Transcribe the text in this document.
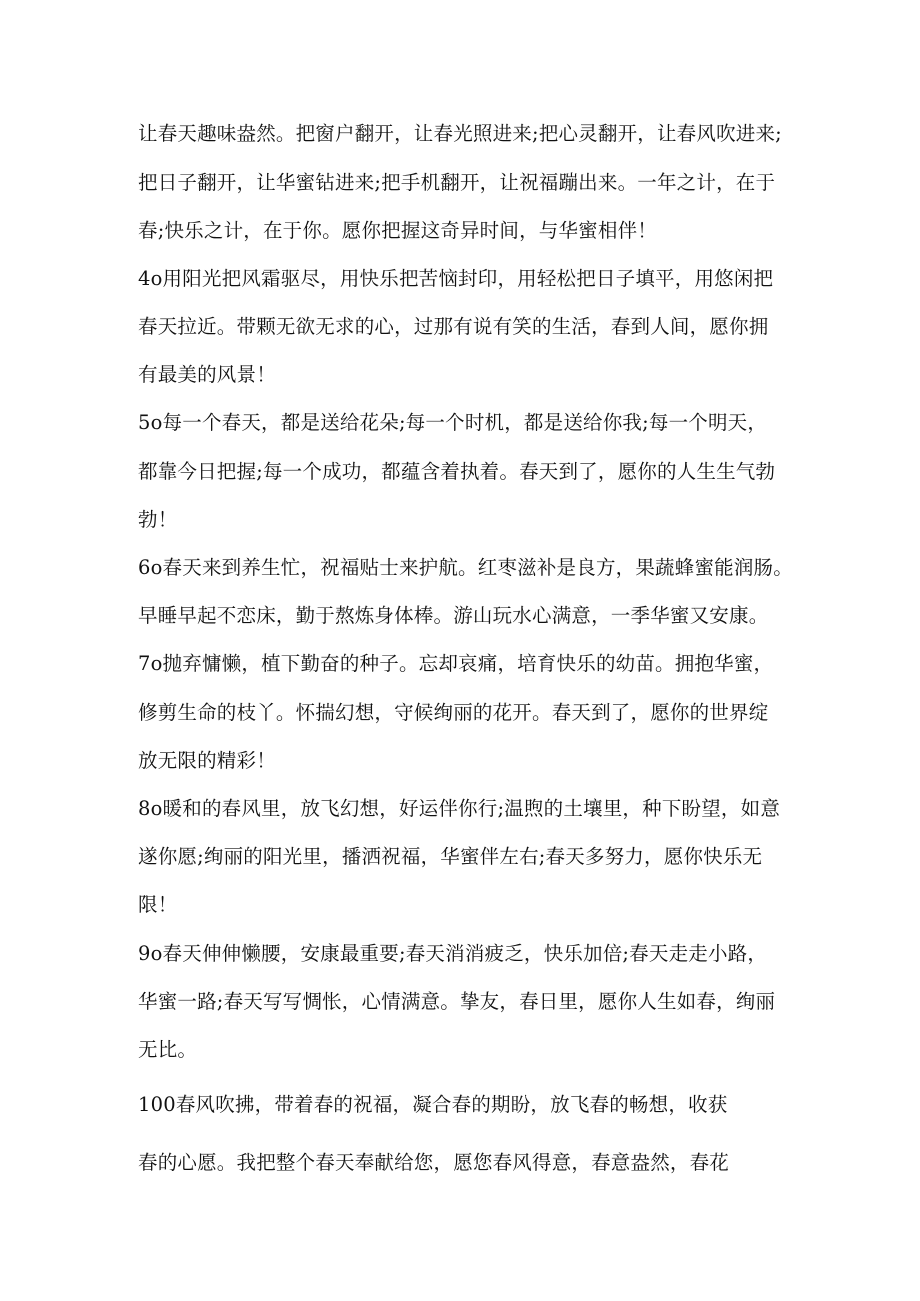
让春天趣味盎然。把窗户翻开，让春光照进来;把心灵翻开，让春风吹进来;

把日子翻开，让华蜜钻进来;把手机翻开，让祝福蹦出来。一年之计，在于

春;快乐之计，在于你。愿你把握这奇异时间，与华蜜相伴！

4o用阳光把风霜驱尽，用快乐把苦恼封印，用轻松把日子填平，用悠闲把

春天拉近。带颗无欲无求的心，过那有说有笑的生活，春到人间，愿你拥

有最美的风景！

5o每一个春天，都是送给花朵;每一个时机，都是送给你我;每一个明天，

都靠今日把握;每一个成功，都蕴含着执着。春天到了，愿你的人生生气勃

勃！

6o春天来到养生忙，祝福贴士来护航。红枣滋补是良方，果蔬蜂蜜能润肠。

早睡早起不恋床，勤于熬炼身体棒。游山玩水心满意，一季华蜜又安康。

7o抛弃慵懒，植下勤奋的种子。忘却哀痛，培育快乐的幼苗。拥抱华蜜，

修剪生命的枝丫。怀揣幻想，守候绚丽的花开。春天到了，愿你的世界绽

放无限的精彩！

8o暖和的春风里，放飞幻想，好运伴你行;温煦的土壤里，种下盼望，如意

遂你愿;绚丽的阳光里，播洒祝福，华蜜伴左右;春天多努力，愿你快乐无

限！

9o春天伸伸懒腰，安康最重要;春天消消疲乏，快乐加倍;春天走走小路，

华蜜一路;春天写写惆怅，心情满意。挚友，春日里，愿你人生如春，绚丽

无比。

100春风吹拂，带着春的祝福，凝合春的期盼，放飞春的畅想，收获

春的心愿。我把整个春天奉献给您，愿您春风得意，春意盎然，春花
